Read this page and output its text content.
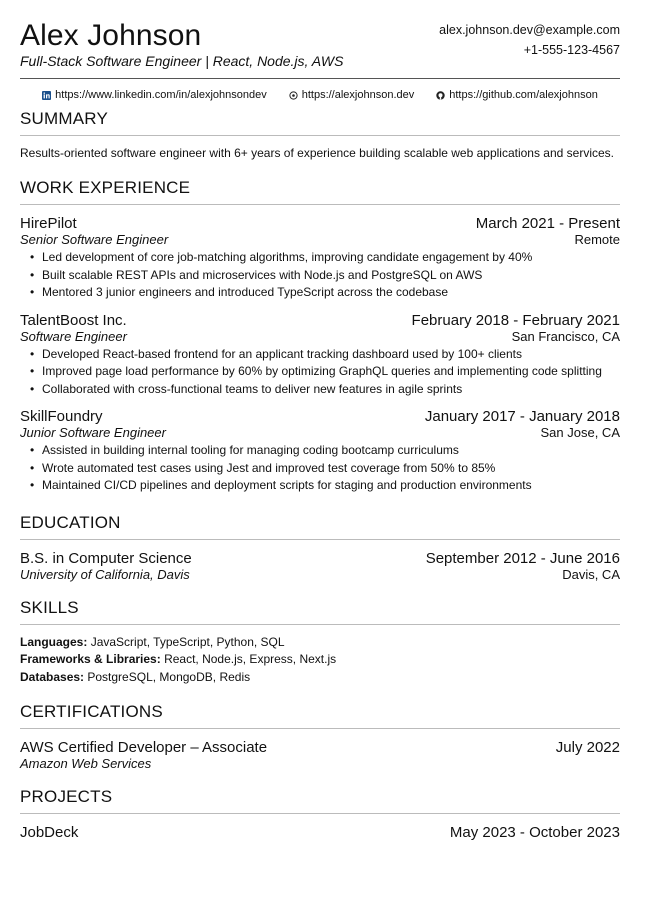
Alex Johnson
Full-Stack Software Engineer | React, Node.js, AWS
alex.johnson.dev@example.com
+1-555-123-4567
https://www.linkedin.com/in/alexjohnsondev	https://alexjohnson.dev	https://github.com/alexjohnson
SUMMARY

Results-oriented software engineer with 6+ years of experience building scalable web applications and services.

WORK EXPERIENCE
HirePilot	March 2021 - Present
Senior Software Engineer	Remote
• Led development of core job-matching algorithms, improving candidate engagement by 40%
• Built scalable REST APIs and microservices with Node.js and PostgreSQL on AWS
• Mentored 3 junior engineers and introduced TypeScript across the codebase
TalentBoost Inc.	February 2018 - February 2021
Software Engineer	San Francisco, CA
• Developed React-based frontend for an applicant tracking dashboard used by 100+ clients
• Improved page load performance by 60% by optimizing GraphQL queries and implementing code splitting
• Collaborated with cross-functional teams to deliver new features in agile sprints
SkillFoundry	January 2017 - January 2018
Junior Software Engineer	San Jose, CA
• Assisted in building internal tooling for managing coding bootcamp curriculums
• Wrote automated test cases using Jest and improved test coverage from 50% to 85%
• Maintained CI/CD pipelines and deployment scripts for staging and production environments
EDUCATION
B.S. in Computer Science	September 2012 - June 2016
University of California, Davis	Davis, CA
SKILLS
Languages: JavaScript, TypeScript, Python, SQL
Frameworks & Libraries: React, Node.js, Express, Next.js
Databases: PostgreSQL, MongoDB, Redis
CERTIFICATIONS
AWS Certified Developer – Associate	July 2022
Amazon Web Services
PROJECTS
JobDeck	May 2023 - October 2023
